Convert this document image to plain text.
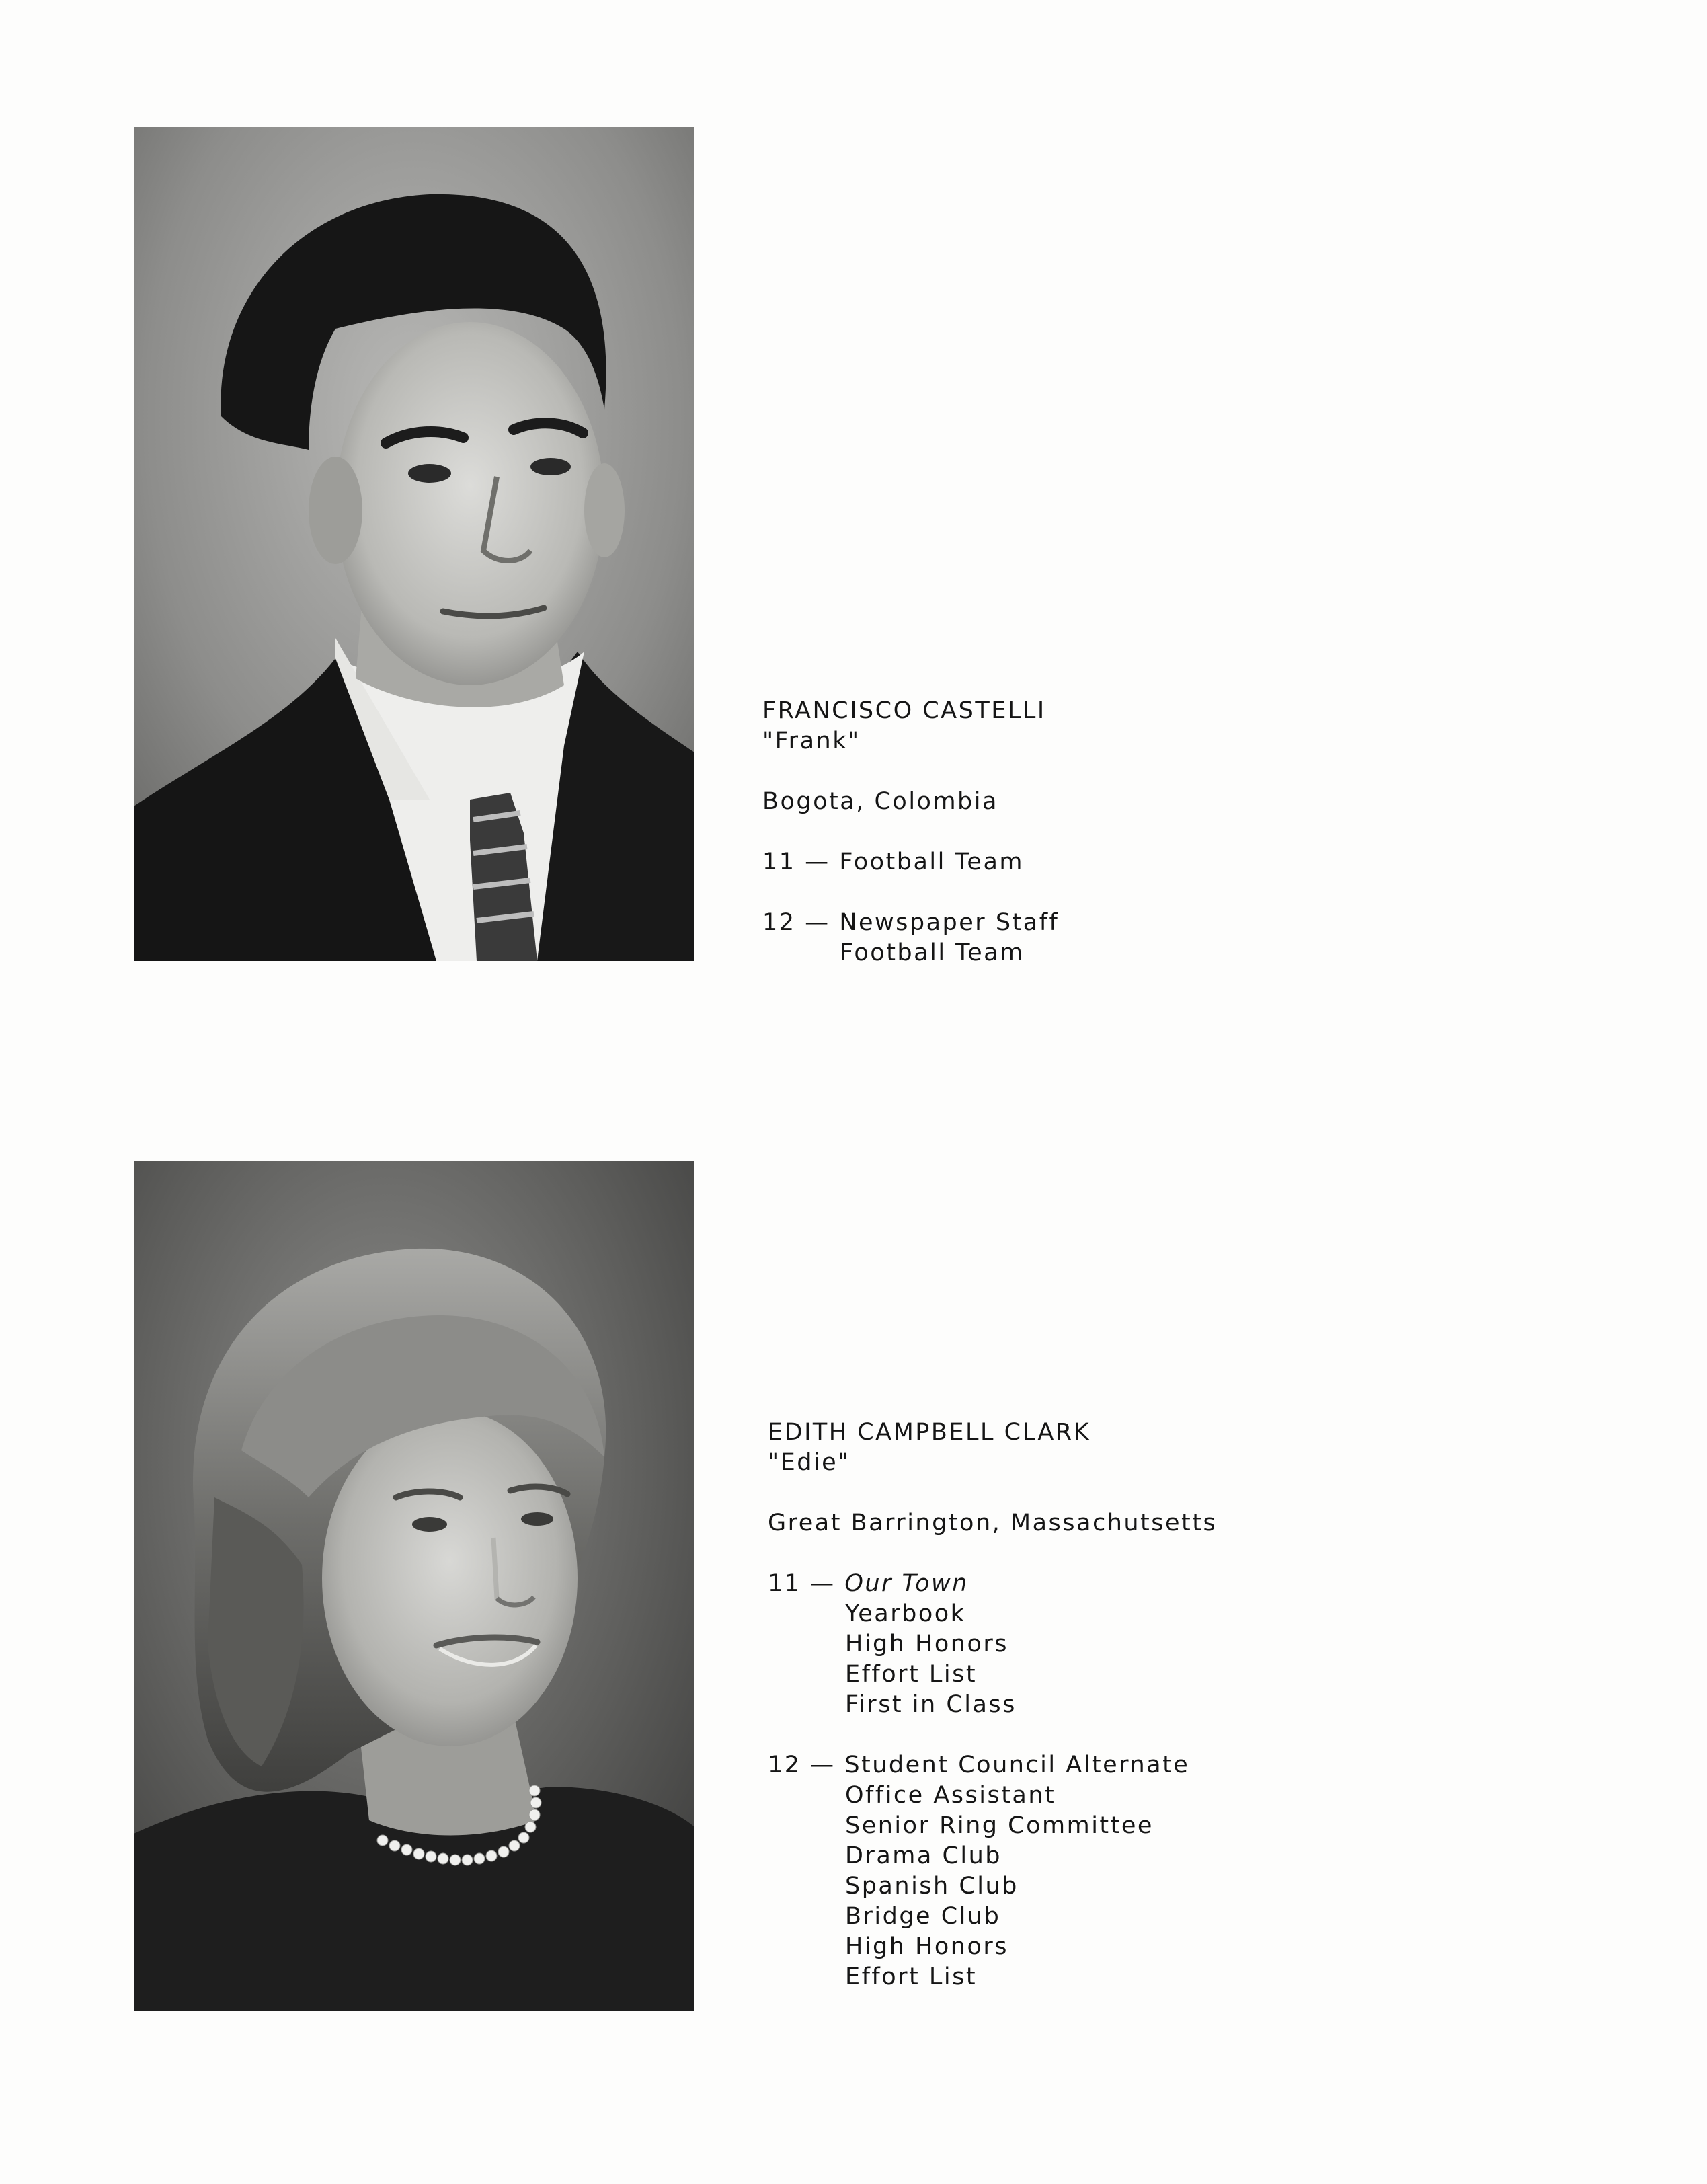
FRANCISCO CASTELLI
"Frank"
Bogota, Colombia
11 — Football Team
12 — Newspaper Staff
Football Team
EDITH CAMPBELL CLARK
"Edie"
Great Barrington, Massachutsetts
11 — Our Town
Yearbook
High Honors
Effort List
First in Class
12 — Student Council Alternate
Office Assistant
Senior Ring Committee
Drama Club
Spanish Club
Bridge Club
High Honors
Effort List
